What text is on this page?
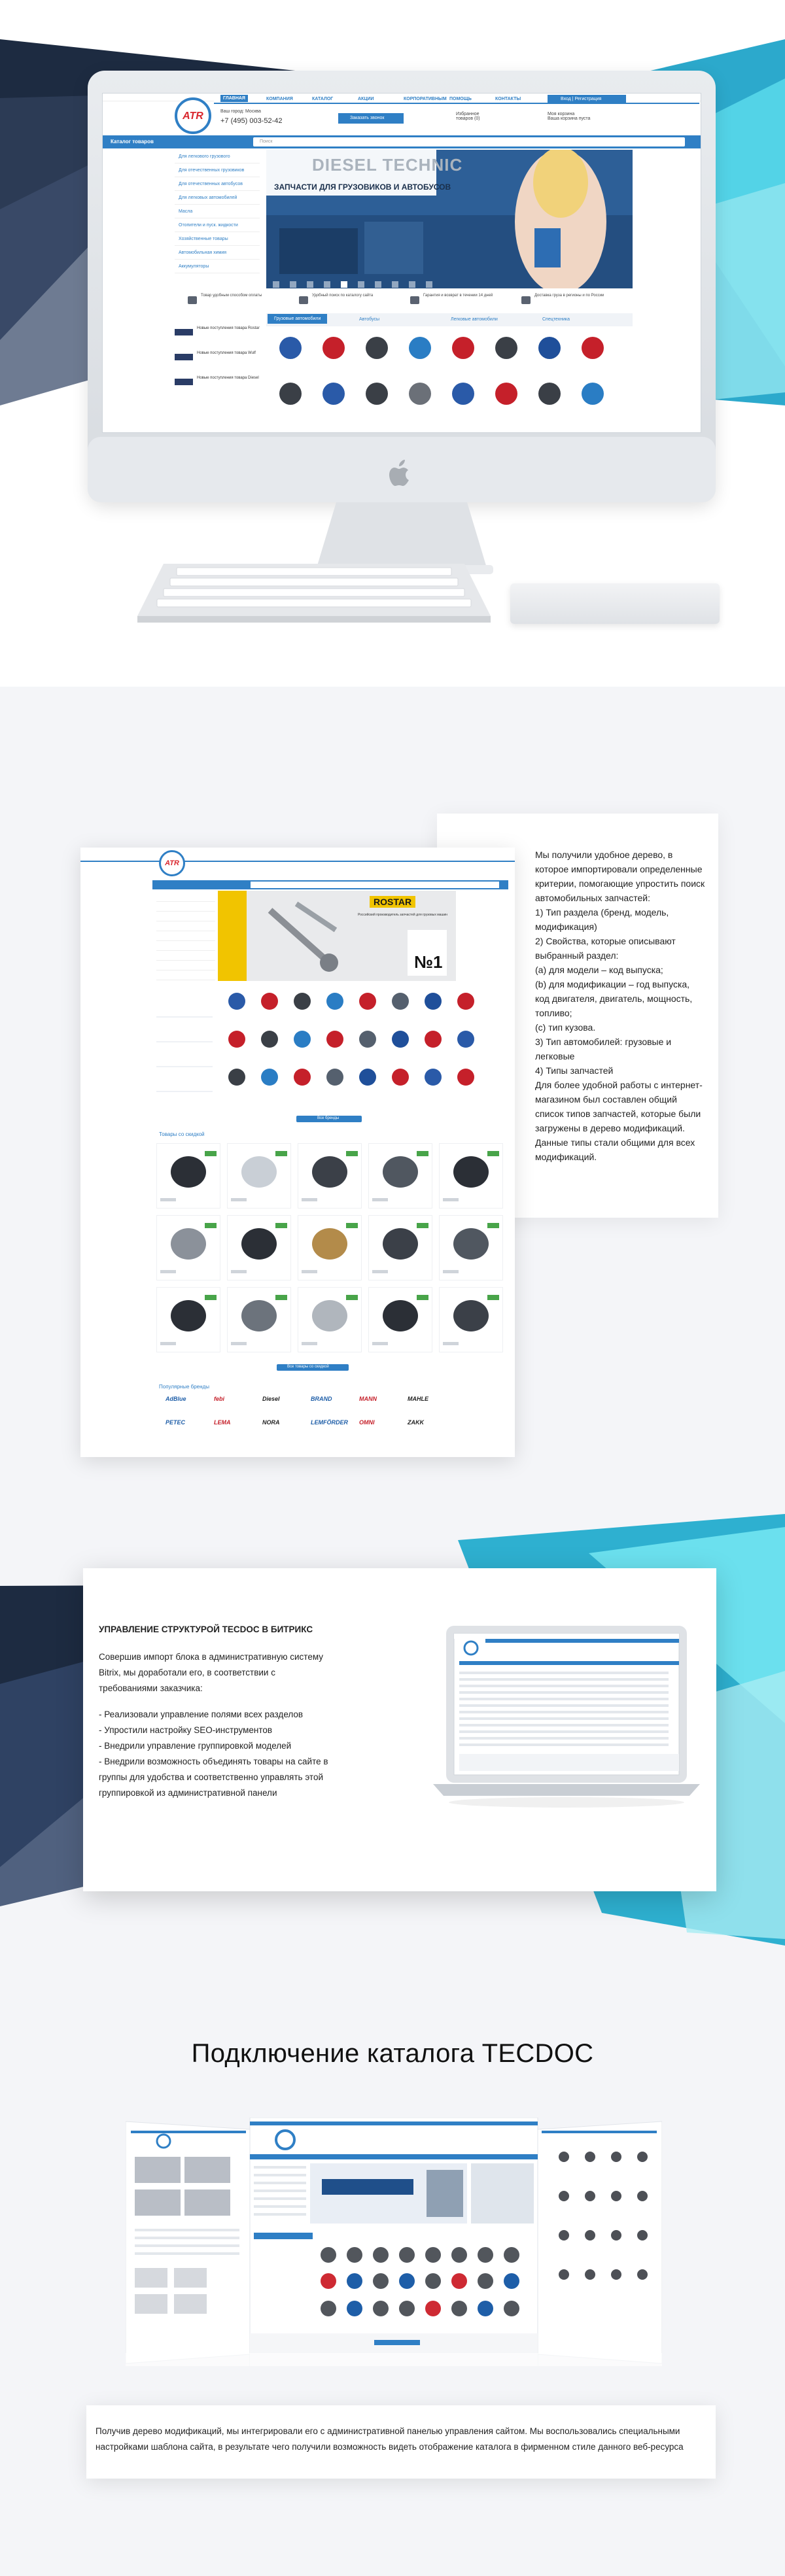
ATR
ГЛАВНАЯ	КОМПАНИЯ	КАТАЛОГ	АКЦИИ	КОРПОРАТИВНЫМ ПОМОЩЬ	КОНТАКТЫ	Вход | Регистрация
Ваш город: Москва
+7 (495) 003-52-42	Заказать звонок
Избранное
товаров (0)
Моя корзина
Ваша корзина пуста
Каталог товаров	Поиск
Для легкового грузового
Для отечественных грузовиков
Для отечественных автобусов
Для легковых автомобилей
Масла
Отопители и пуск. жидкости
Хозяйственные товары
Автомобильная химия
Аккумуляторы
DIESEL TECHNIC
ЗАПЧАСТИ ДЛЯ ГРУЗОВИКОВ И АВТОБУСОВ
Товар удобным способом оплаты	Удобный поиск по каталогу сайта	Гарантия и возврат в течении 14 дней	Доставка груза в регионы и по России
Новые поступления товара Rostar
Новые поступления товара Wulf
Новые поступления товара Diesel
Грузовые автомобили	Автобусы	Легковые автомобили	Спецтехника
Мы получили удобное дерево, в которое импортировали определенные критерии, помогающие упростить поиск автомобильных запчастей:
1) Тип раздела (бренд, модель, модификация)
2) Свойства, которые описывают выбранный раздел:
(а) для модели – код выпуска;
(b) для модификации – год выпуска, код двигателя, двигатель, мощность, топливо;
(c) тип кузова.
3) Тип автомобилей: грузовые и легковые
4) Типы запчастей
Для более удобной работы с интернет-магазином был составлен общий список типов запчастей, которые были загружены в дерево модификаций. Данные типы стали общими для всех модификаций.
ATR
ROSTAR
Российский производитель запчастей для грузовых машин
№1
Все бренды
Товары со скидкой
Все товары со скидкой
Популярные бренды
AdBlue	febi	Diesel	BRAND	MANN	MAHLE
PETEC	LEMA	NORA	LEMFÖRDER OMNI	ZAKK
УПРАВЛЕНИЕ СТРУКТУРОЙ TECDOC В БИТРИКС
Совершив импорт блока в административную систему Bitrix, мы доработали его, в соответствии с требованиями заказчика:
- Реализовали управление полями всех разделов
- Упростили настройку SEO-инструментов
- Внедрили управление группировкой моделей
- Внедрили возможность объединять товары на сайте в группы для удобства и соответственно управлять этой группировкой из административной панели
Подключение каталога TECDOC
Получив дерево модификаций, мы интегрировали его с административной панелью управления сайтом. Мы воспользовались специальными настройками шаблона сайта, в результате чего получили возможность видеть отображение каталога в фирменном стиле данного веб-ресурса
